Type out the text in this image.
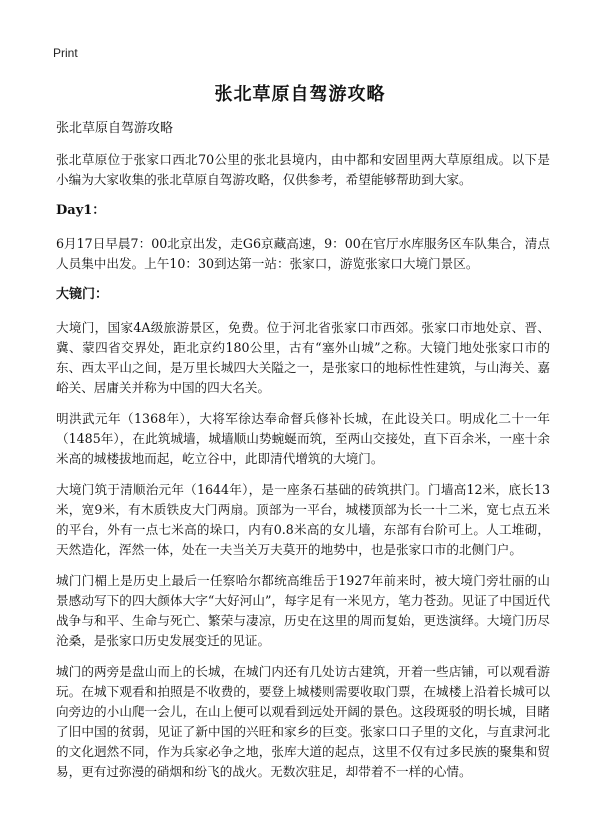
Print
张北草原自驾游攻略

张北草原自驾游攻略

张北草原位于张家口西北70公里的张北县境内，由中都和安固里两大草原组成。以下是小编为大家收集的张北草原自驾游攻略，仅供参考，希望能够帮助到大家。

Day1：

6月17日早晨7：00北京出发，走G6京藏高速，9：00在官厅水库服务区车队集合，清点人员集中出发。上午10：30到达第一站：张家口，游览张家口大境门景区。

大镜门：

大境门，国家4A级旅游景区，免费。位于河北省张家口市西郊。张家口市地处京、晋、冀、蒙四省交界处，距北京约180公里，古有“塞外山城”之称。大镜门地处张家口市的东、西太平山之间，是万里长城四大关隘之一，是张家口的地标性性建筑，与山海关、嘉峪关、居庸关并称为中国的四大名关。

明洪武元年（1368年），大将军徐达奉命督兵修补长城，在此设关口。明成化二十一年（1485年），在此筑城墙，城墙顺山势蜿蜒而筑，至两山交接处，直下百余米，一座十余米高的城楼拔地而起，屹立谷中，此即清代增筑的大境门。

大境门筑于清顺治元年（1644年），是一座条石基础的砖筑拱门。门墙高12米，底长13米，宽9米，有木质铁皮大门两扇。顶部为一平台，城楼顶部为长一十二米，宽七点五米的平台，外有一点七米高的垛口，内有0.8米高的女儿墙，东部有台阶可上。人工堆砌，天然造化，浑然一体，处在一夫当关万夫莫开的地势中，也是张家口市的北侧门户。

城门门楣上是历史上最后一任察哈尔都统高维岳于1927年前来时，被大境门旁壮丽的山景感动写下的四大颜体大字“大好河山”，每字足有一米见方，笔力苍劲。见证了中国近代战争与和平、生命与死亡、繁荣与凄凉，历史在这里的周而复始，更迭演绎。大境门历尽沧桑，是张家口历史发展变迁的见证。

城门的两旁是盘山而上的长城，在城门内还有几处访古建筑，开着一些店铺，可以观看游玩。在城下观看和拍照是不收费的，要登上城楼则需要收取门票，在城楼上沿着长城可以向旁边的小山爬一会儿，在山上便可以观看到远处开阔的景色。这段斑驳的明长城，目睹了旧中国的贫弱，见证了新中国的兴旺和家乡的巨变。张家口口子里的文化，与直隶河北的文化迥然不同，作为兵家必争之地，张库大道的起点，这里不仅有过多民族的聚集和贸易，更有过弥漫的硝烟和纷飞的战火。无数次驻足，却带着不一样的心情。
